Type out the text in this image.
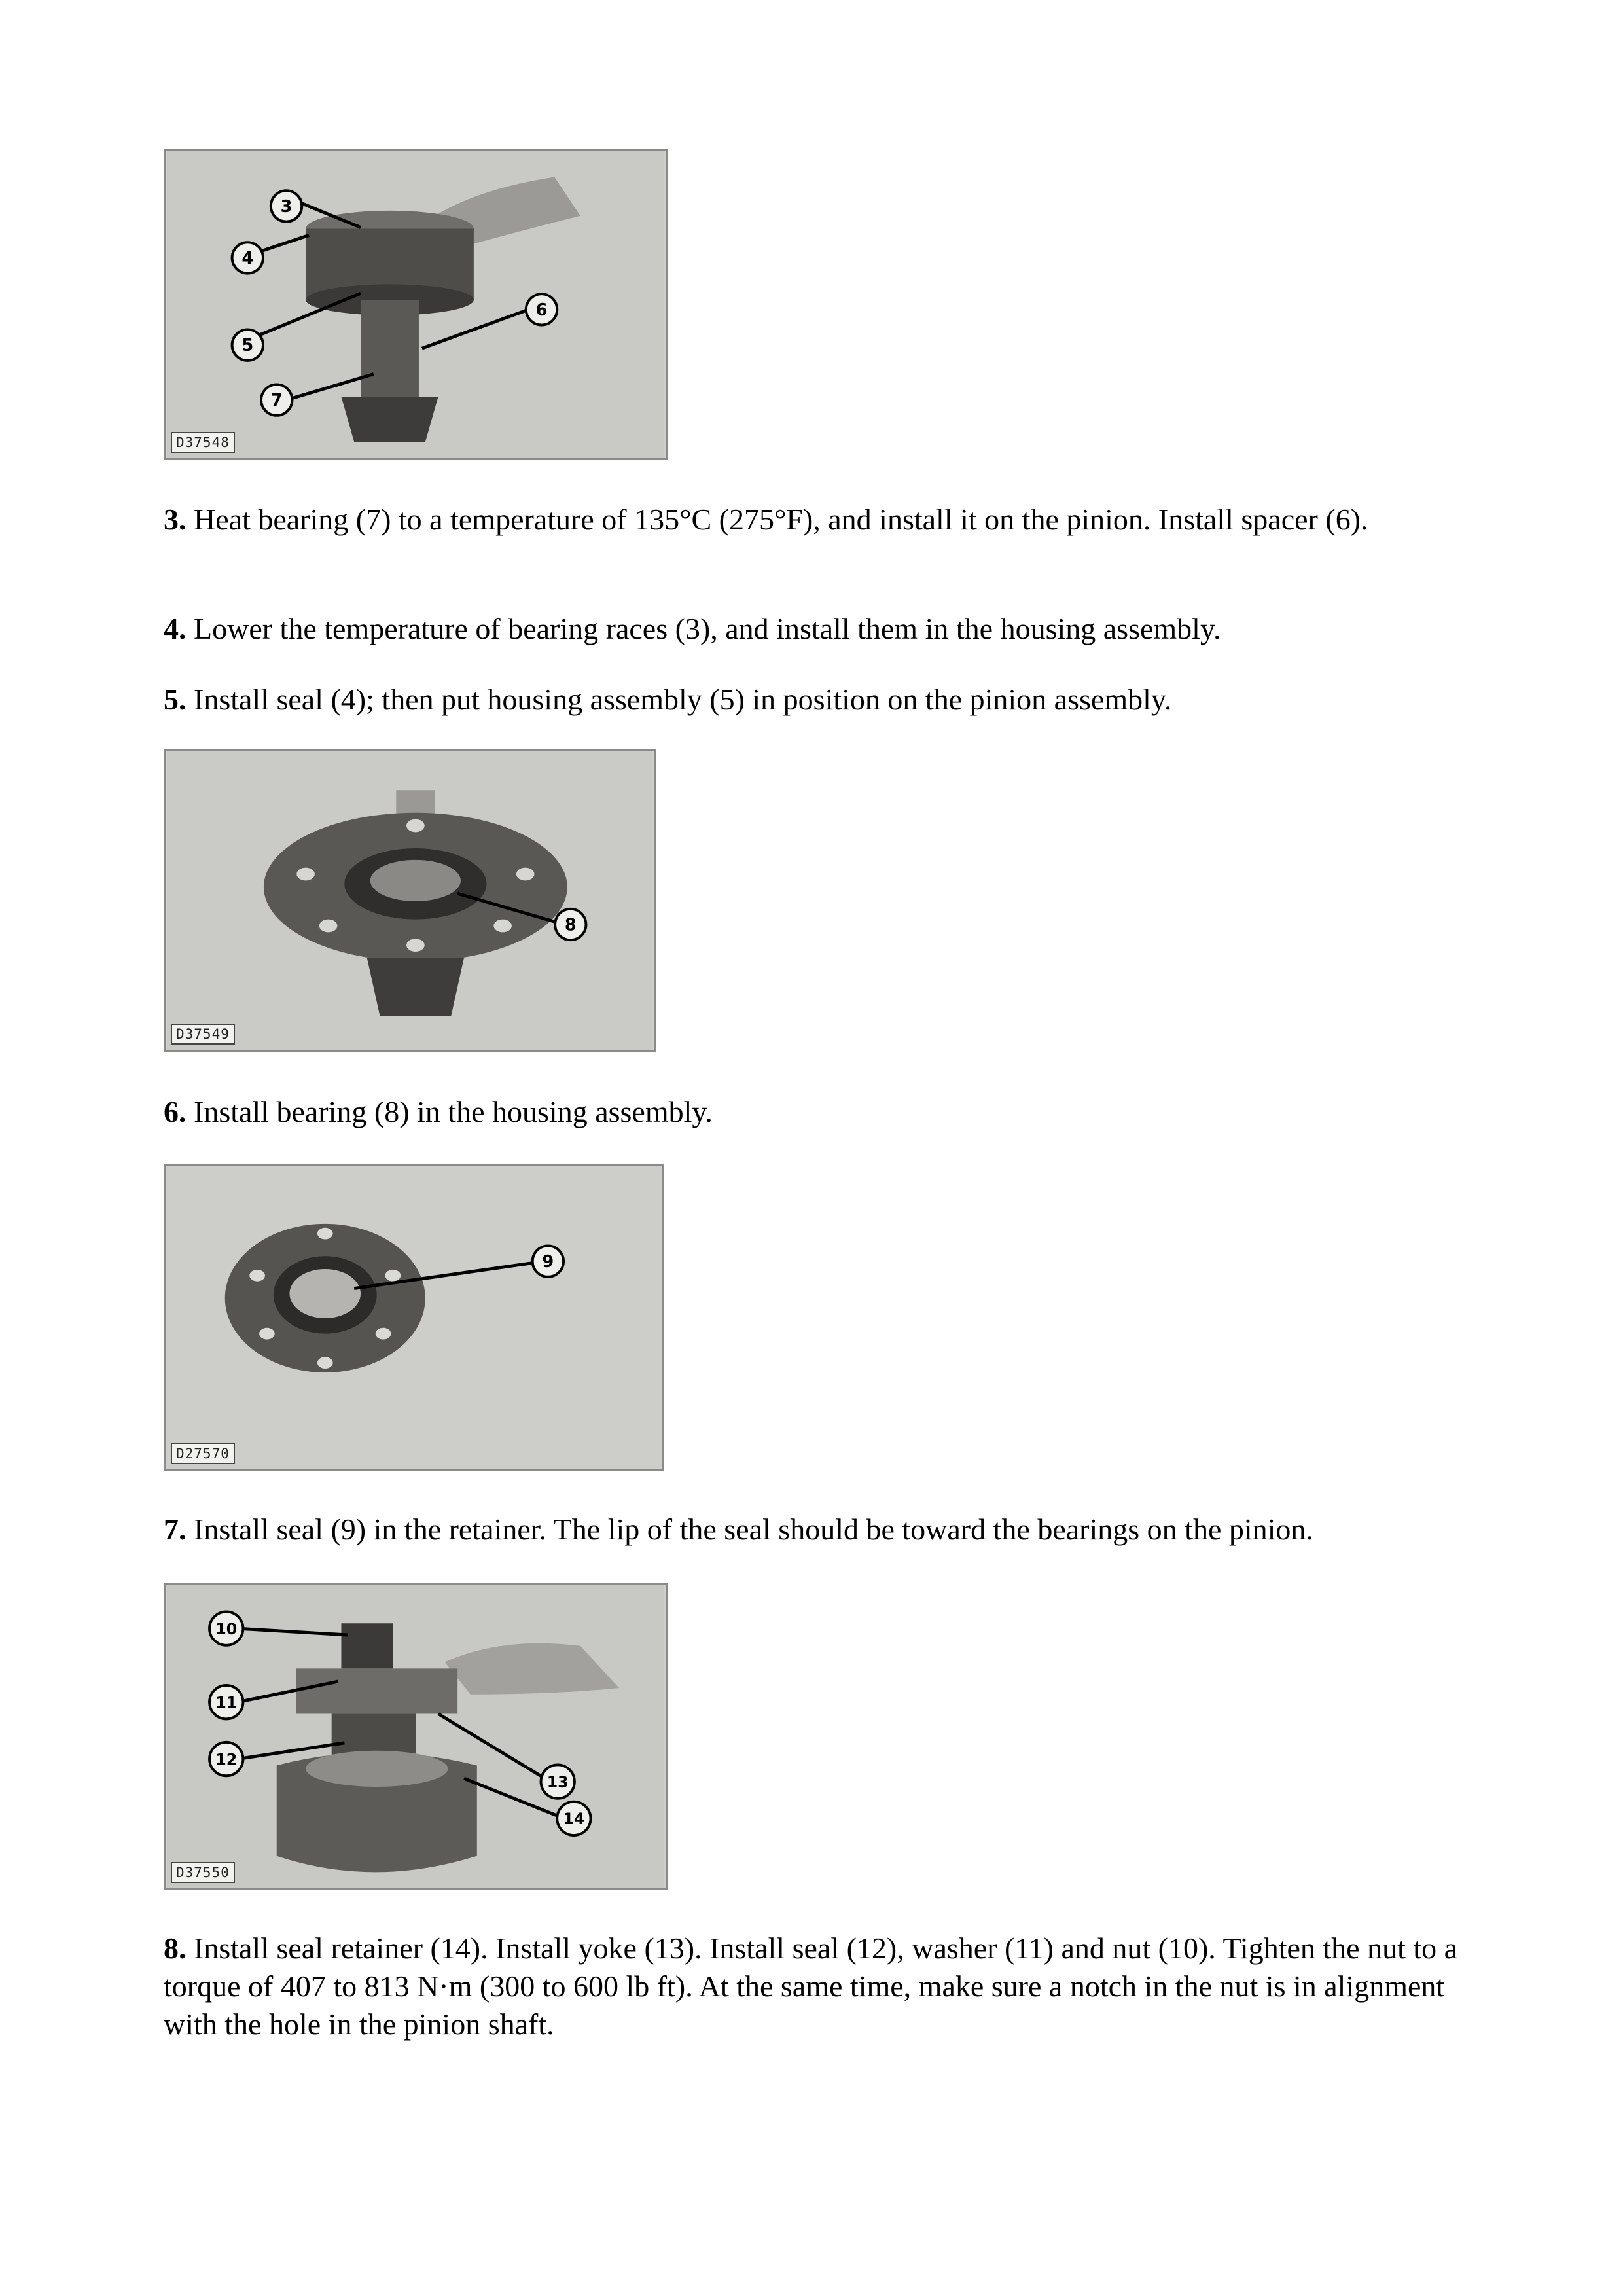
3
4
5
6
7
D37548

3. Heat bearing (7) to a temperature of 135°C (275°F), and install it on the pinion. Install spacer (6).

4. Lower the temperature of bearing races (3), and install them in the housing assembly.

5. Install seal (4); then put housing assembly (5) in position on the pinion assembly.

8
D37549

6. Install bearing (8) in the housing assembly.

9
D27570

7. Install seal (9) in the retainer. The lip of the seal should be toward the bearings on the pinion.

10
11
12
13
14
D37550

8. Install seal retainer (14). Install yoke (13). Install seal (12), washer (11) and nut (10). Tighten the nut to a torque of 407 to 813 N·m (300 to 600 lb ft). At the same time, make sure a notch in the nut is in alignment with the hole in the pinion shaft.
